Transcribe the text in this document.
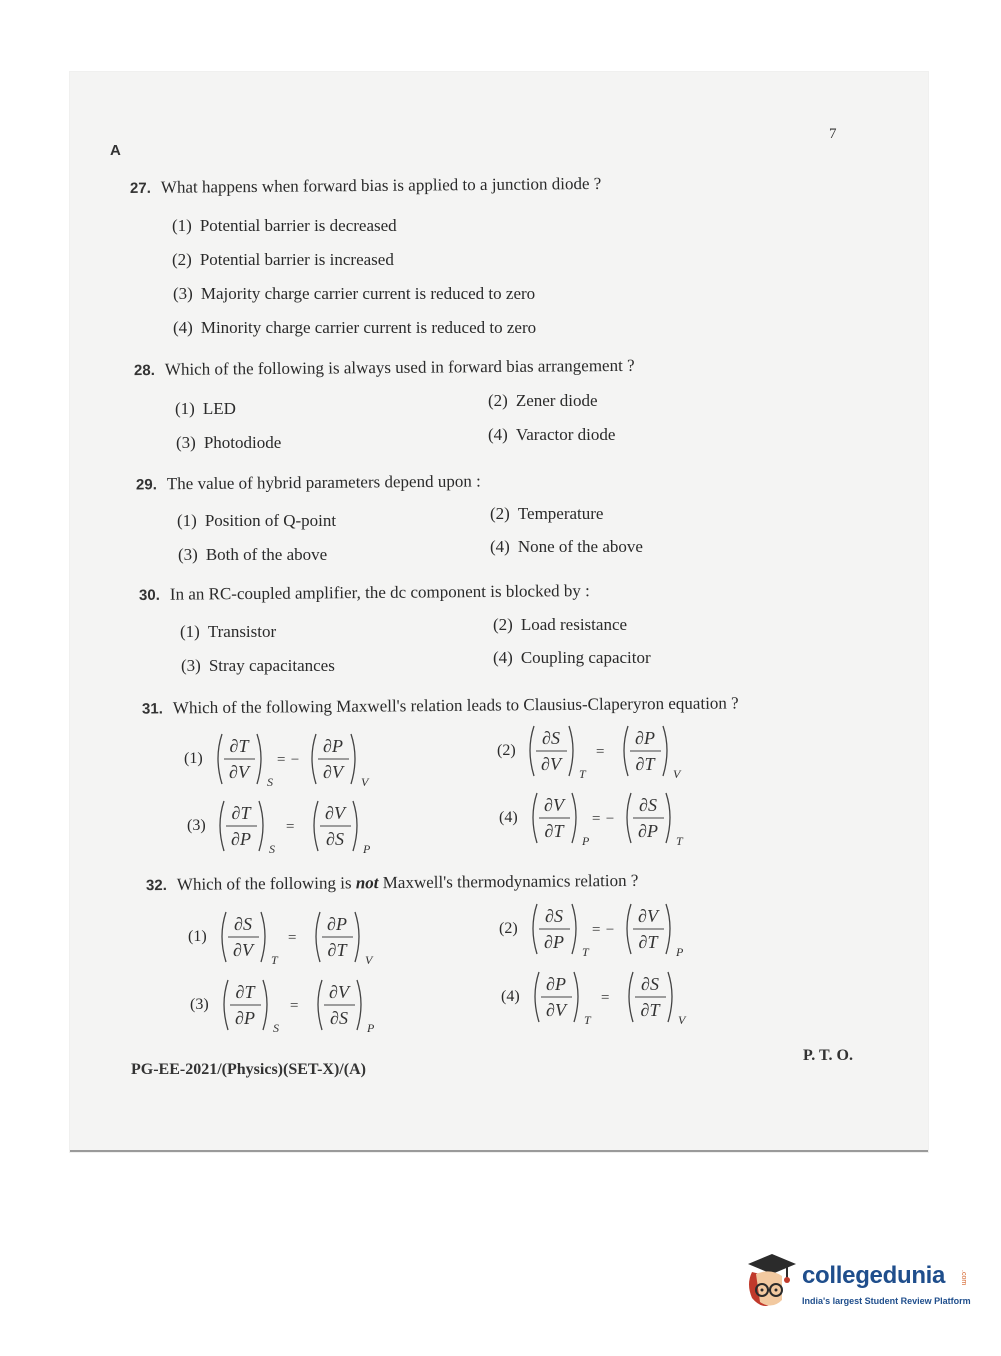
A
7
27. What happens when forward bias is applied to a junction diode ?
(1) Potential barrier is decreased
(2) Potential barrier is increased
(3) Majority charge carrier current is reduced to zero
(4) Minority charge carrier current is reduced to zero
28. Which of the following is always used in forward bias arrangement ?
(1) LED	(2) Zener diode
(3) Photodiode	(4) Varactor diode
29. The value of hybrid parameters depend upon :
(1) Position of Q-point	(2) Temperature
(3) Both of the above	(4) None of the above
30. In an RC-coupled amplifier, the dc component is blocked by :
(1) Transistor	(2) Load resistance
(3) Stray capacitances	(4) Coupling capacitor
31. Which of the following Maxwell's relation leads to Clausius-Claperyron equation ?
(1)
∂T
∂V S
= −
∂P
∂V V
(2)
∂S
∂V T
=
∂P
∂T V
(3)
∂T
∂P S
=
∂V
∂S P
(4)
∂V
∂T P
= −
∂S
∂P T
32. Which of the following is not Maxwell's thermodynamics relation ?
(1)
∂S
∂V T
=
∂P
∂T V
(2)
∂S
∂P T
= −
∂V
∂T P
(3)
∂T
∂P S
=
∂V
∂S P
(4)
∂P
∂V T
=
∂S
∂T V
PG-EE-2021/(Physics)(SET-X)/(A)
P. T. O.
collegedunia .com
India's largest Student Review Platform
